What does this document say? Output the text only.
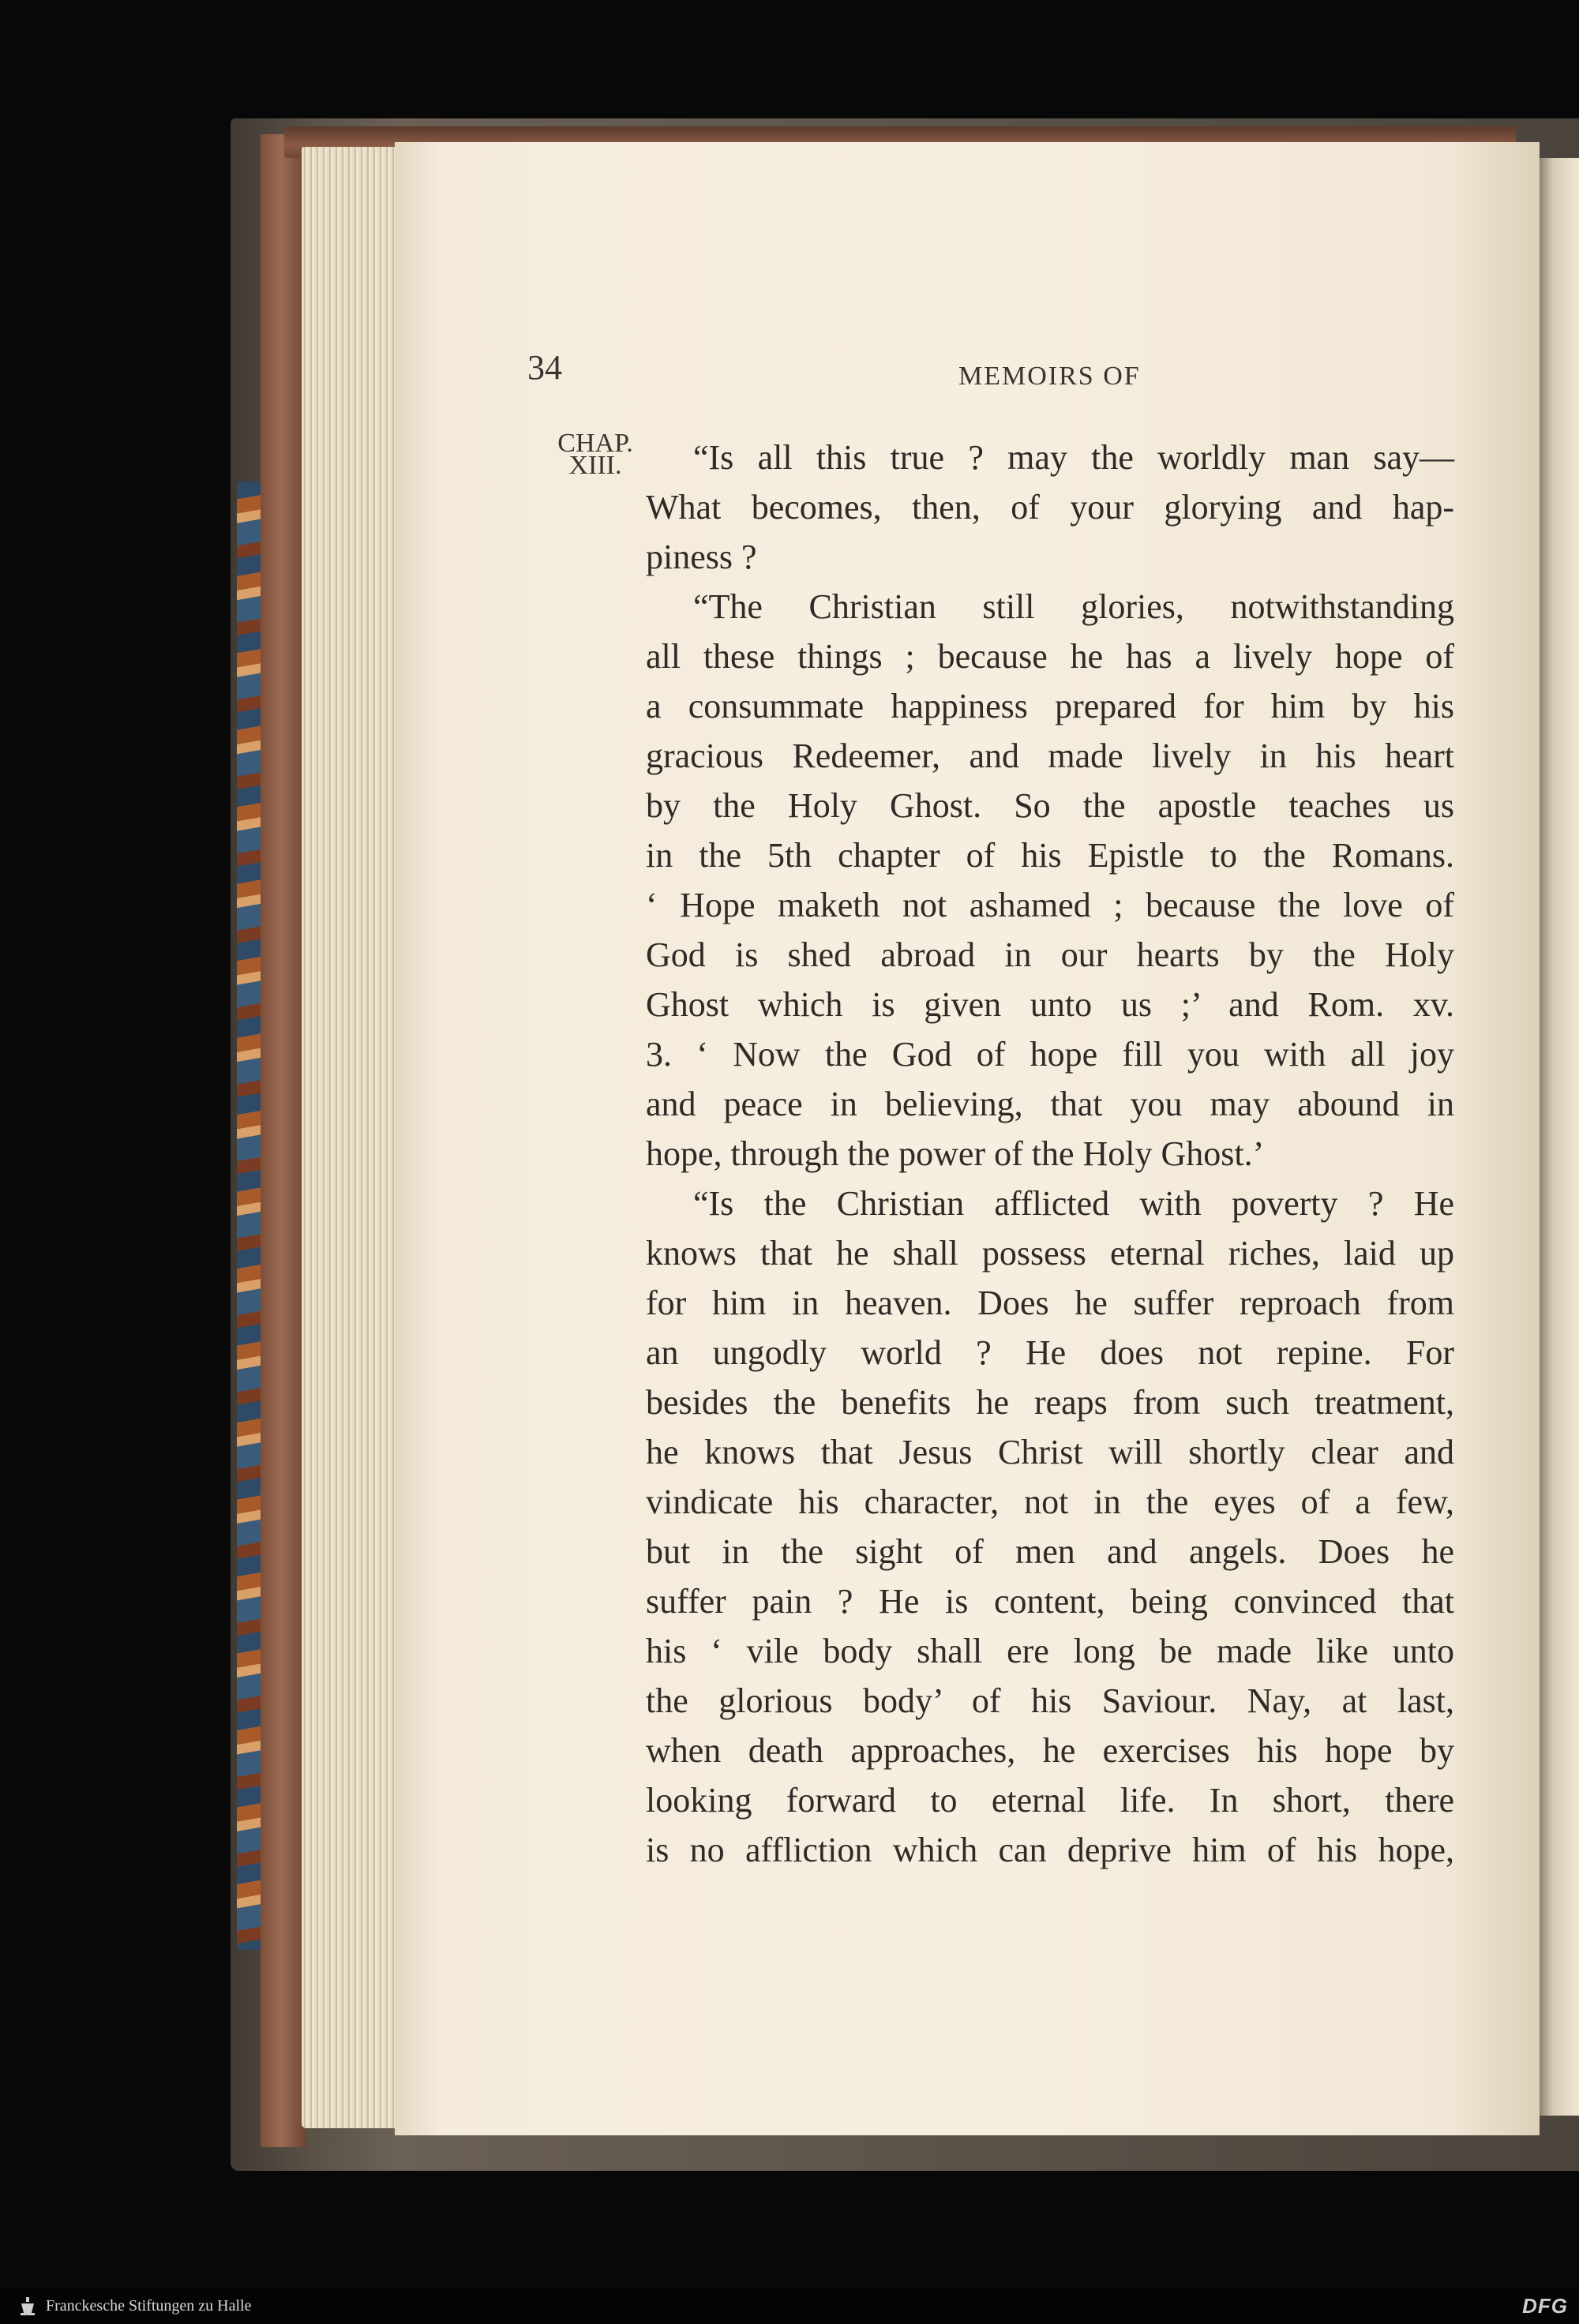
34	MEMOIRS OF
CHAP.
XIII.	“Is all this true ? may the worldly man say—
What becomes, then, of your glorying and hap-
piness ?
“The Christian still glories, notwithstanding
all these things ; because he has a lively hope of
a consummate happiness prepared for him by his
gracious Redeemer, and made lively in his heart
by the Holy Ghost. So the apostle teaches us
in the 5th chapter of his Epistle to the Romans.
‘ Hope maketh not ashamed ; because the love of
God is shed abroad in our hearts by the Holy
Ghost which is given unto us ;’ and Rom. xv.
3. ‘ Now the God of hope fill you with all joy
and peace in believing, that you may abound in
hope, through the power of the Holy Ghost.’
“Is the Christian afflicted with poverty ? He
knows that he shall possess eternal riches, laid up
for him in heaven. Does he suffer reproach from
an ungodly world ? He does not repine. For
besides the benefits he reaps from such treatment,
he knows that Jesus Christ will shortly clear and
vindicate his character, not in the eyes of a few,
but in the sight of men and angels. Does he
suffer pain ? He is content, being convinced that
his ‘ vile body shall ere long be made like unto
the glorious body’ of his Saviour. Nay, at last,
when death approaches, he exercises his hope by
looking forward to eternal life. In short, there
is no affliction which can deprive him of his hope,
Franckesche Stiftungen zu Halle	DFG
